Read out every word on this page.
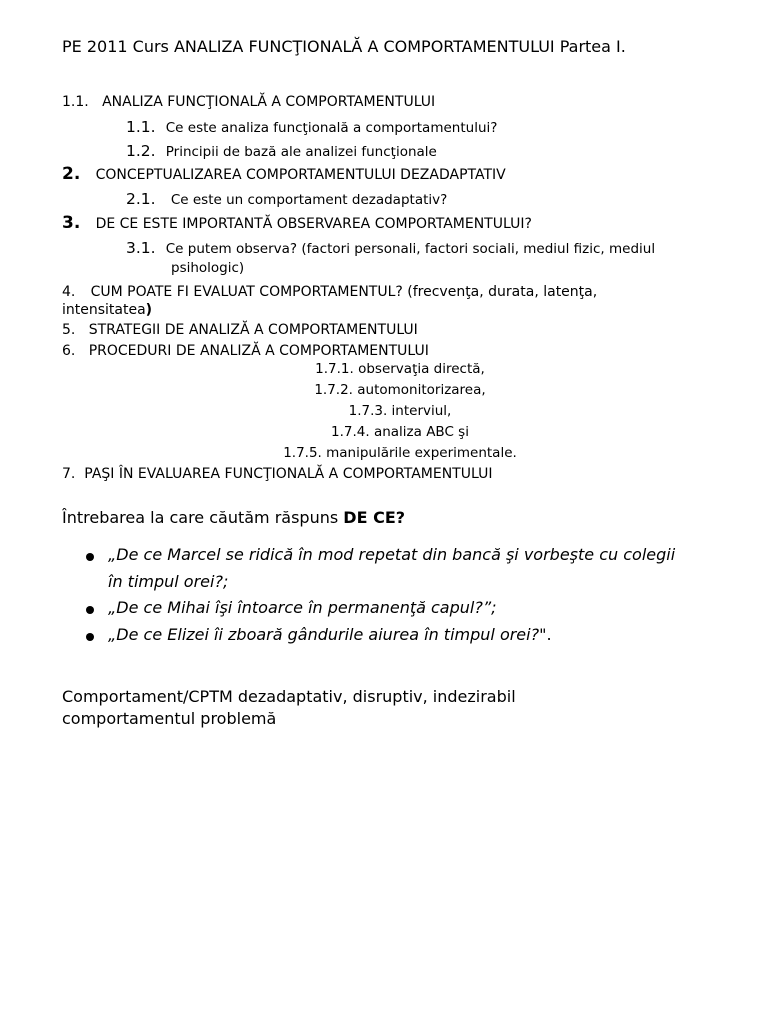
PE 2011 Curs ANALIZA FUNCŢIONALĂ A COMPORTAMENTULUI Partea I.
1.1. ANALIZA FUNCŢIONALĂ A COMPORTAMENTULUI
1.1. Ce este analiza funcţională a comportamentului?
1.2. Principii de bază ale analizei funcţionale
2. CONCEPTUALIZAREA COMPORTAMENTULUI DEZADAPTATIV
2.1. Ce este un comportament dezadaptativ?
3. DE CE ESTE IMPORTANTĂ OBSERVAREA COMPORTAMENTULUI?
3.1. Ce putem observa? (factori personali, factori sociali, mediul fizic, mediul
psihologic)
4. CUM POATE FI EVALUAT COMPORTAMENTUL? (frecvenţa, durata, latenţa,
intensitatea)
5. STRATEGII DE ANALIZĂ A COMPORTAMENTULUI
6. PROCEDURI DE ANALIZĂ A COMPORTAMENTULUI
1.7.1. observaţia directă,
1.7.2. automonitorizarea,
1.7.3. interviul,
1.7.4. analiza ABC şi
1.7.5. manipulările experimentale.
7. PAŞI ÎN EVALUAREA FUNCŢIONALĂ A COMPORTAMENTULUI
Întrebarea la care căutăm răspuns DE CE?
„De ce Marcel se ridică în mod repetat din bancă şi vorbeşte cu colegii
în timpul orei?;
„De ce Mihai îşi întoarce în permanenţă capul?”;
„De ce Elizei îi zboară gândurile aiurea în timpul orei?".
Comportament/CPTM dezadaptativ, disruptiv, indezirabil
comportamentul problemă
